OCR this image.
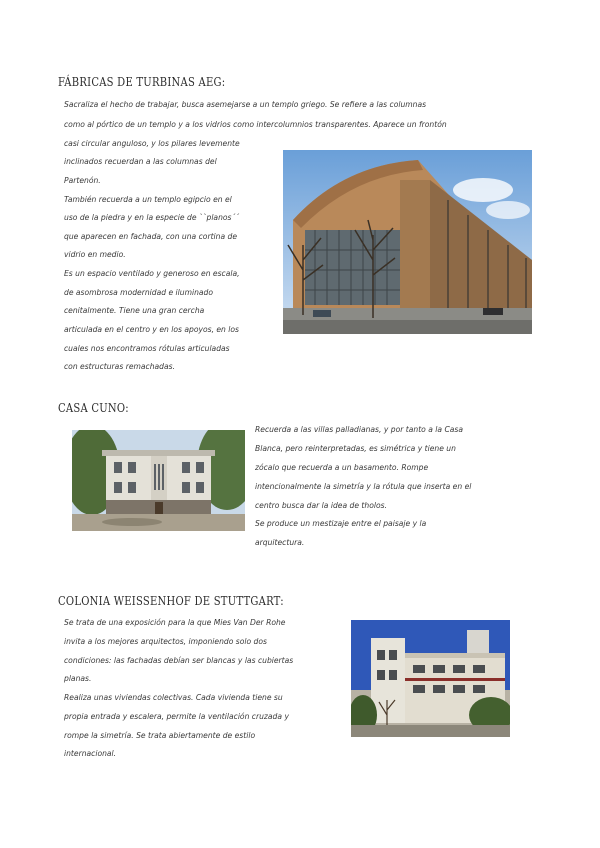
FÁBRICAS DE TURBINAS AEG:
Sacraliza el hecho de trabajar, busca asemejarse a un templo griego. Se refiere a las columnas
como al pórtico de un templo y a los vidrios como intercolumnios transparentes. Aparece un frontón
casi circular anguloso, y los pilares levemente
inclinados recuerdan a las columnas del
Partenón.
También recuerda a un templo egipcio en el
uso de la piedra y en la especie de ``planos´´
que aparecen en fachada, con una cortina de
vidrio en medio.
Es un espacio ventilado y generoso en escala,
de asombrosa modernidad e iluminado
cenitalmente. Tiene una gran cercha
articulada en el centro y en los apoyos, en los
cuales nos encontramos rótulas articuladas
con estructuras remachadas.
CASA CUNO:
Recuerda a las villas palladianas, y por tanto a la Casa
Blanca, pero reinterpretadas, es simétrica y tiene un
zócalo que recuerda a un basamento. Rompe
intencionalmente la simetría y la rótula que inserta en el
centro busca dar la idea de tholos.
Se produce un mestizaje entre el paisaje y la
arquitectura.
COLONIA WEISSENHOF DE STUTTGART:
Se trata de una exposición para la que Mies Van Der Rohe
invita a los mejores arquitectos, imponiendo solo dos
condiciones: las fachadas debían ser blancas y las cubiertas
planas.
Realiza unas viviendas colectivas. Cada vivienda tiene su
propia entrada y escalera, permite la ventilación cruzada y
rompe la simetría. Se trata abiertamente de estilo
internacional.
